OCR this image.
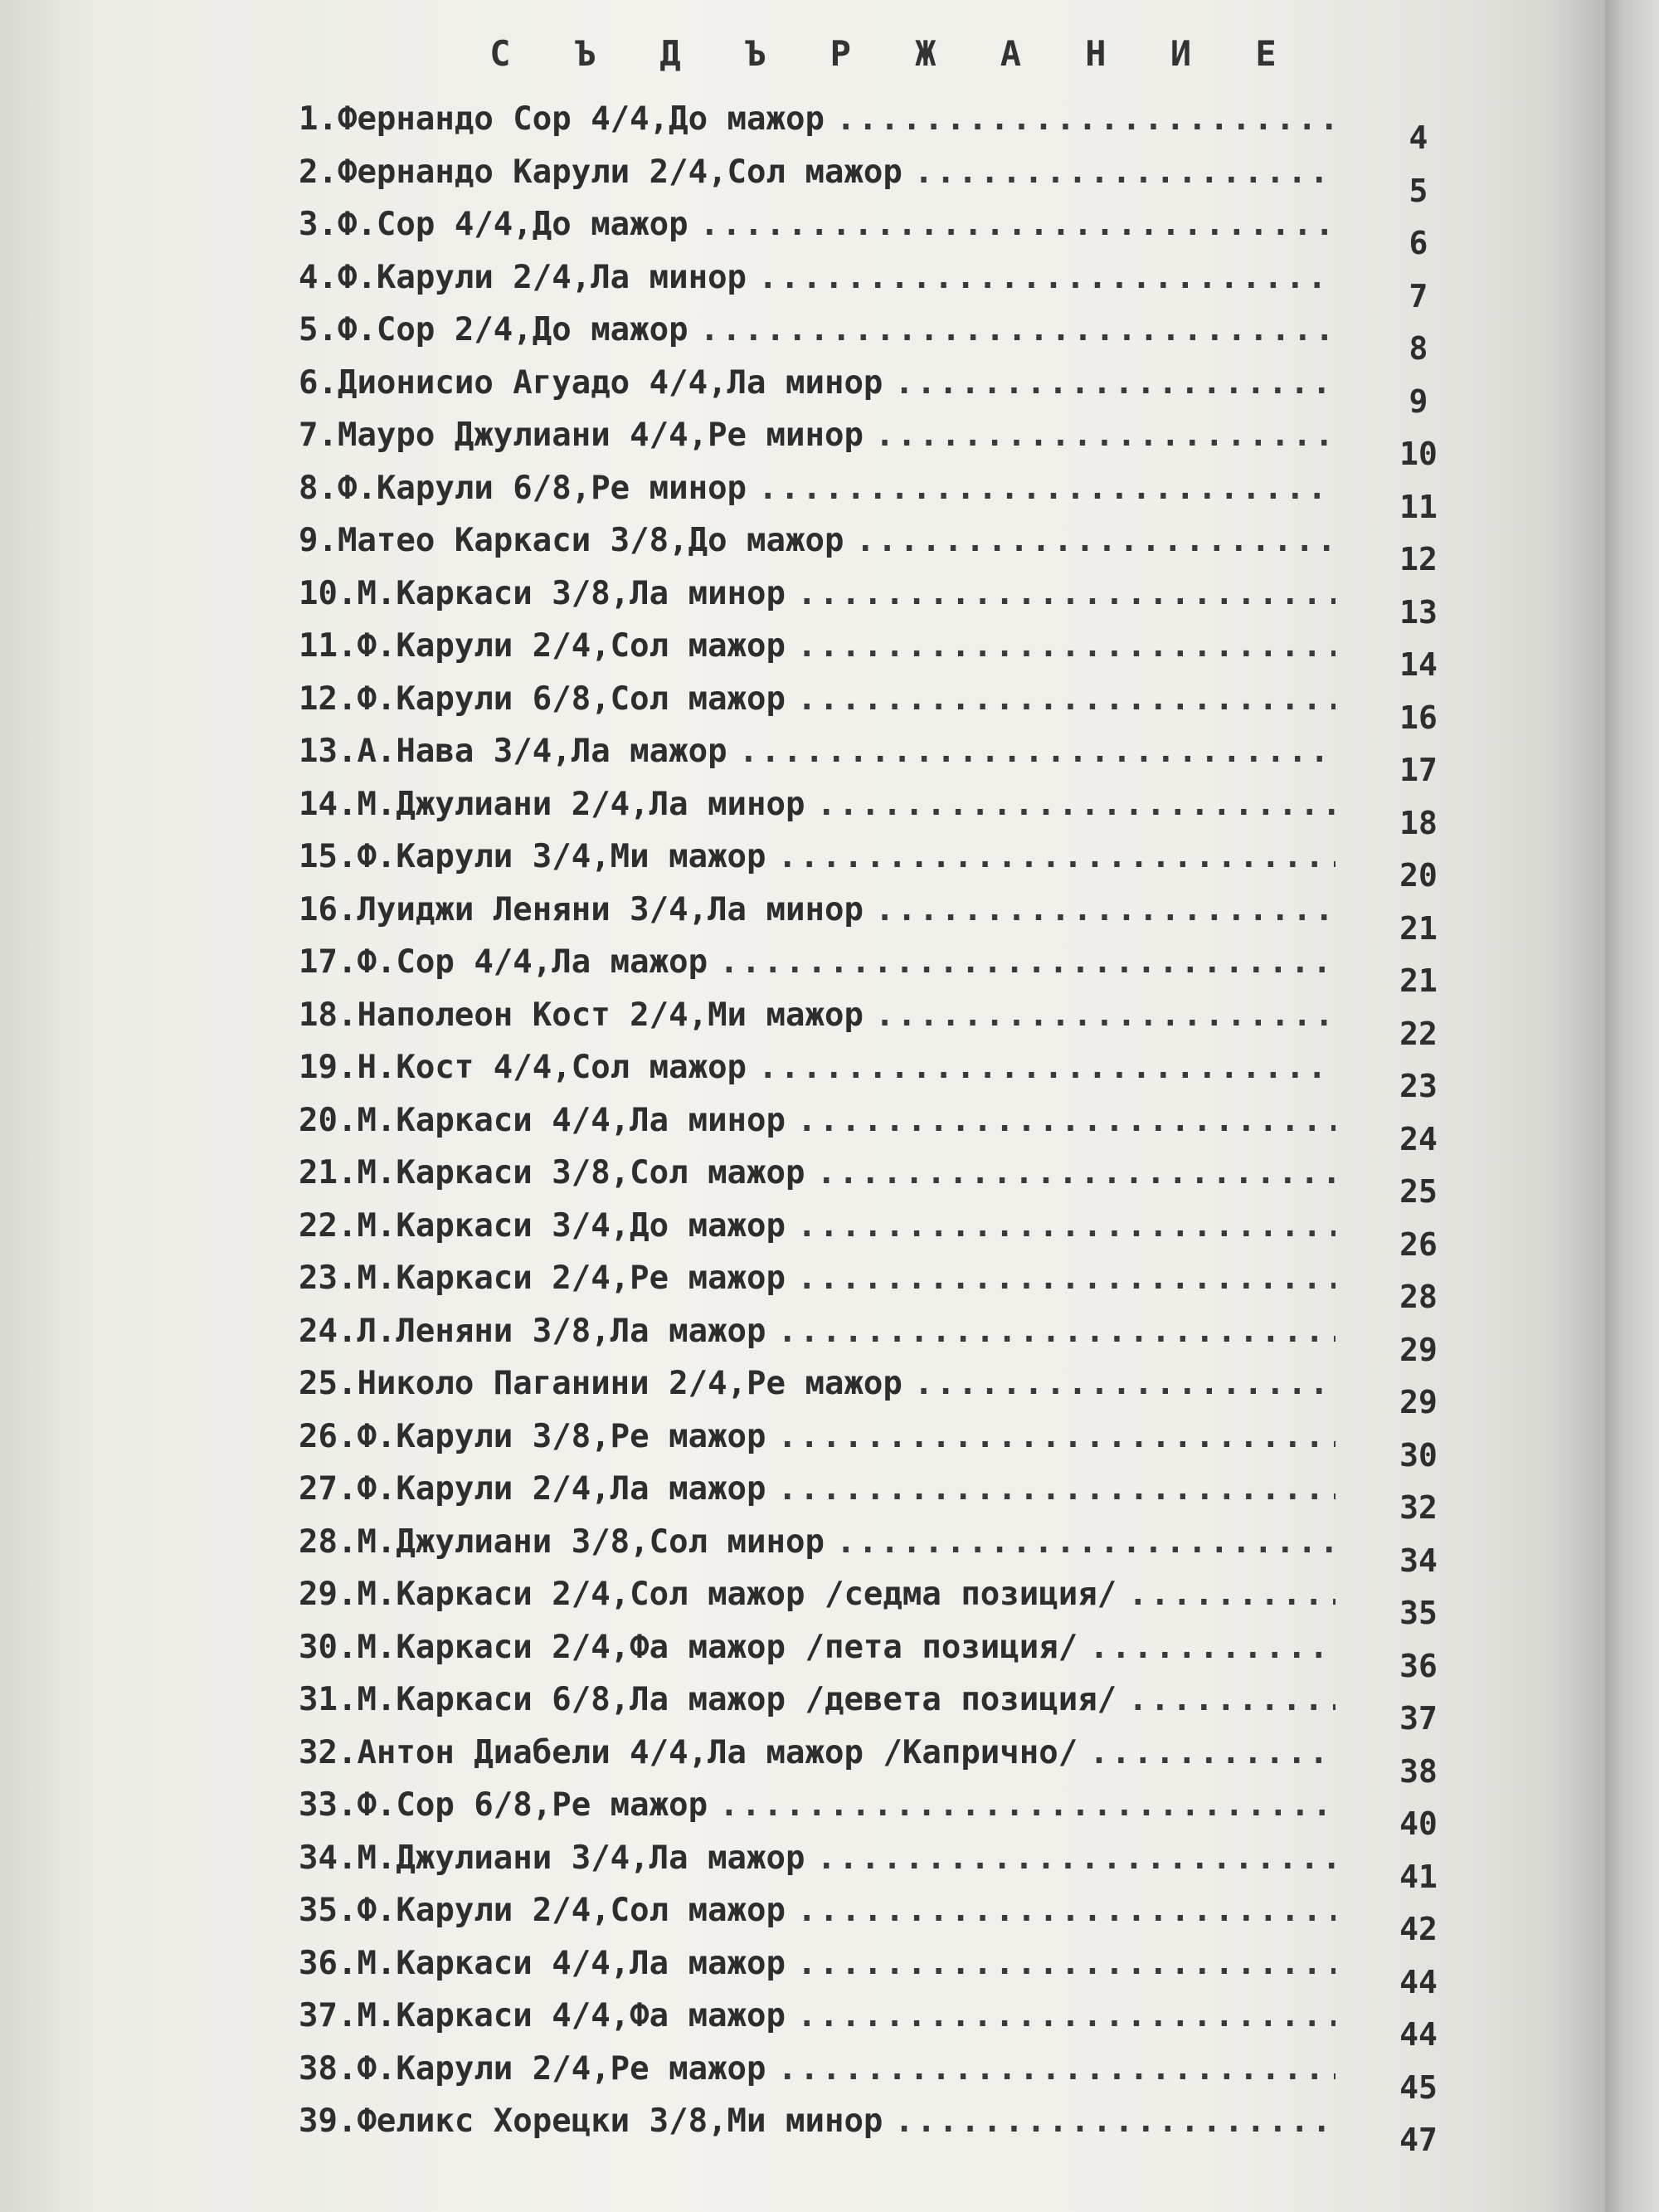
С Ъ Д Ъ Р Ж А Н И Е
1.Фернандо Сор 4/4,До мажор .....	4
2.Фернандо Карули 2/4,Сол мажор .....	5
3.Ф.Сор 4/4,До мажор .....	6
4.Ф.Карули 2/4,Ла минор .....	7
5.Ф.Сор 2/4,До мажор .....	8
6.Дионисио Агуадо 4/4,Ла минор .....	9
7.Мауро Джулиани 4/4,Ре минор .....	10
8.Ф.Карули 6/8,Ре минор .....	11
9.Матео Каркаси 3/8,До мажор .....	12
10.М.Каркаси 3/8,Ла минор .....	13
11.Ф.Карули 2/4,Сол мажор .....	14
12.Ф.Карули 6/8,Сол мажор .....	16
13.А.Нава 3/4,Ла мажор .....	17
14.М.Джулиани 2/4,Ла минор .....	18
15.Ф.Карули 3/4,Ми мажор .....	20
16.Луиджи Леняни 3/4,Ла минор .....	21
17.Ф.Сор 4/4,Ла мажор .....	21
18.Наполеон Кост 2/4,Ми мажор .....	22
19.Н.Кост 4/4,Сол мажор .....	23
20.М.Каркаси 4/4,Ла минор .....	24
21.М.Каркаси 3/8,Сол мажор .....	25
22.М.Каркаси 3/4,До мажор .....	26
23.М.Каркаси 2/4,Ре мажор .....	28
24.Л.Леняни 3/8,Ла мажор .....	29
25.Николо Паганини 2/4,Ре мажор .....	29
26.Ф.Карули 3/8,Ре мажор .....	30
27.Ф.Карули 2/4,Ла мажор .....	32
28.М.Джулиани 3/8,Сол минор .....	34
29.М.Каркаси 2/4,Сол мажор /седма позиция/ .....	35
30.М.Каркаси 2/4,Фа мажор /пета позиция/ .....	36
31.М.Каркаси 6/8,Ла мажор /девета позиция/ .....	37
32.Антон Диабели 4/4,Ла мажор /Капрично/ .....	38
33.Ф.Сор 6/8,Ре мажор .....	40
34.М.Джулиани 3/4,Ла мажор .....	41
35.Ф.Карули 2/4,Сол мажор .....	42
36.М.Каркаси 4/4,Ла мажор .....	44
37.М.Каркаси 4/4,Фа мажор .....	44
38.Ф.Карули 2/4,Ре мажор .....	45
39.Феликс Хорецки 3/8,Ми минор .....	47
